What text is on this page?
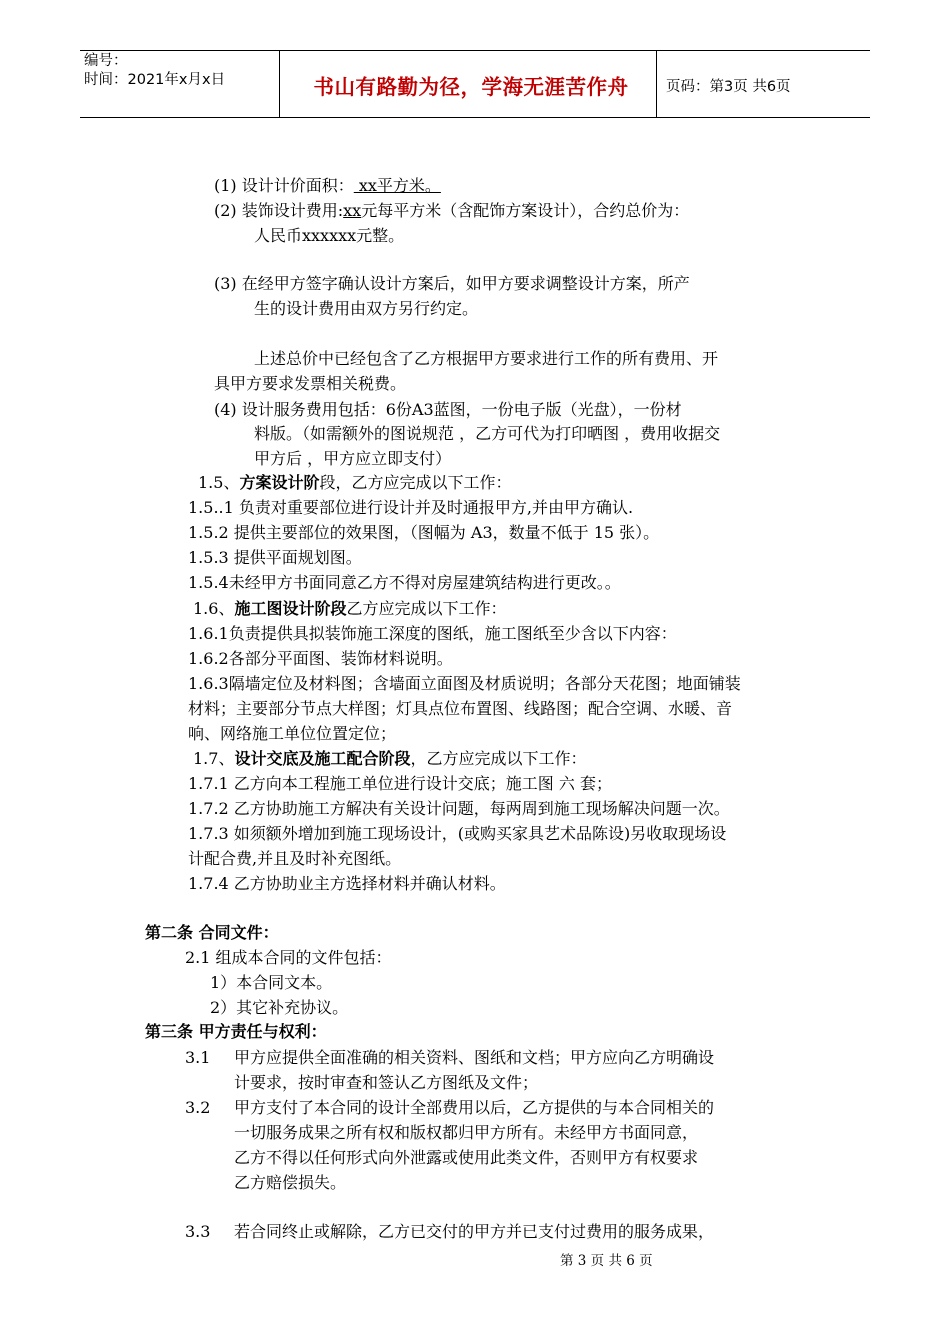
编号：
时间：2021年x月x日	书山有路勤为径，学海无涯苦作舟	页码：第3页 共6页
(1) 设计计价面积： xx平方米。
(2) 装饰设计费用:xx元每平方米（含配饰方案设计），合约总价为：
人民币xxxxxx元整。
(3) 在经甲方签字确认设计方案后，如甲方要求调整设计方案，所产
生的设计费用由双方另行约定。
上述总价中已经包含了乙方根据甲方要求进行工作的所有费用、开
具甲方要求发票相关税费。
(4) 设计服务费用包括：6份A3蓝图，一份电子版（光盘），一份材
料版。（如需额外的图说规范 ，乙方可代为打印晒图 ，费用收据交
甲方后 ，甲方应立即支付）
1.5、方案设计阶段，乙方应完成以下工作：
1.5..1 负责对重要部位进行设计并及时通报甲方,并由甲方确认.
1.5.2 提供主要部位的效果图，（图幅为 A3，数量不低于 15 张）。
1.5.3 提供平面规划图。
1.5.4未经甲方书面同意乙方不得对房屋建筑结构进行更改。。
1.6、施工图设计阶段乙方应完成以下工作：
1.6.1负责提供具拟装饰施工深度的图纸，施工图纸至少含以下内容：
1.6.2各部分平面图、装饰材料说明。
1.6.3隔墙定位及材料图；含墙面立面图及材质说明；各部分天花图；地面铺装
材料；主要部分节点大样图；灯具点位布置图、线路图；配合空调、水暖、音
响、网络施工单位位置定位；
1.7、设计交底及施工配合阶段，乙方应完成以下工作：
1.7.1 乙方向本工程施工单位进行设计交底；施工图 六 套；
1.7.2 乙方协助施工方解决有关设计问题，每两周到施工现场解决问题一次。
1.7.3 如须额外增加到施工现场设计，(或购买家具艺术品陈设)另收取现场设
计配合费,并且及时补充图纸。
1.7.4 乙方协助业主方选择材料并确认材料。
第二条 合同文件：
2.1 组成本合同的文件包括：
1）本合同文本。
2）其它补充协议。
第三条 甲方责任与权利：
3.1 甲方应提供全面准确的相关资料、图纸和文档；甲方应向乙方明确设
计要求，按时审查和签认乙方图纸及文件；
3.2 甲方支付了本合同的设计全部费用以后，乙方提供的与本合同相关的
一切服务成果之所有权和版权都归甲方所有。未经甲方书面同意，
乙方不得以任何形式向外泄露或使用此类文件，否则甲方有权要求
乙方赔偿损失。
3.3 若合同终止或解除，乙方已交付的甲方并已支付过费用的服务成果，
第 3 页 共 6 页
